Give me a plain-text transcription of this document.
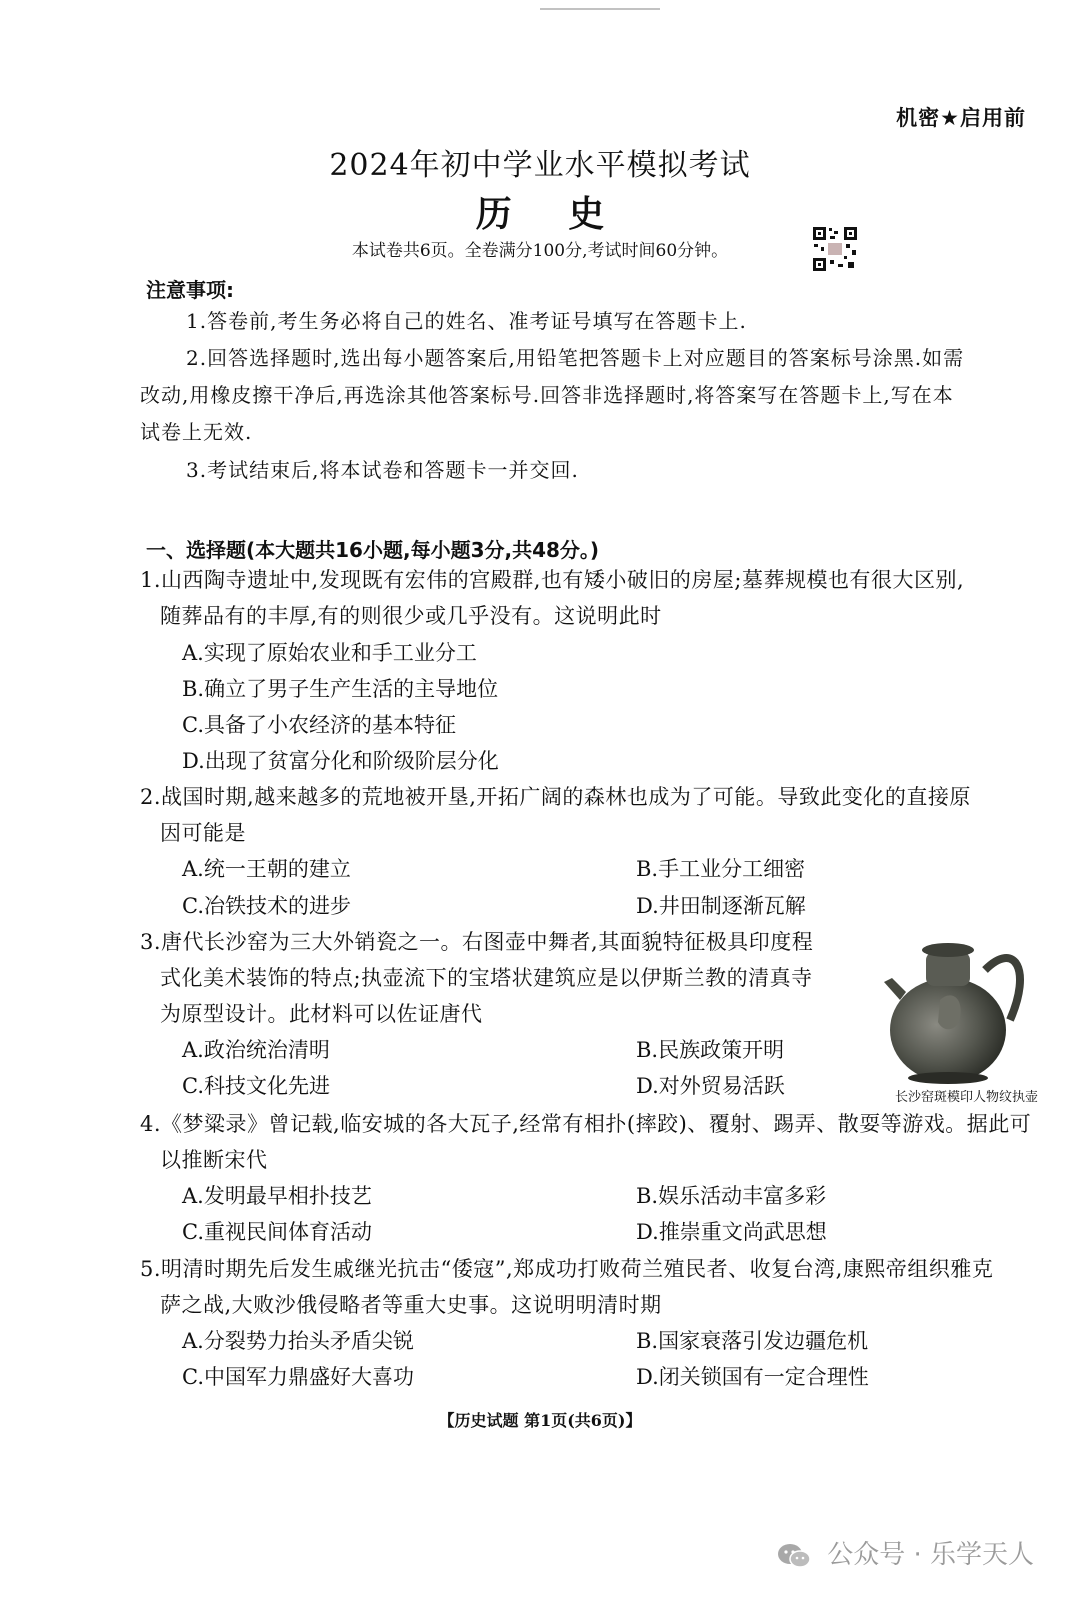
机密★启用前
2024年初中学业水平模拟考试
历 史
本试卷共6页。全卷满分100分,考试时间60分钟。
注意事项:
1.答卷前,考生务必将自己的姓名、准考证号填写在答题卡上.
2.回答选择题时,选出每小题答案后,用铅笔把答题卡上对应题目的答案标号涂黑.如需
改动,用橡皮擦干净后,再选涂其他答案标号.回答非选择题时,将答案写在答题卡上,写在本
试卷上无效.
3.考试结束后,将本试卷和答题卡一并交回.
一、选择题(本大题共16小题,每小题3分,共48分。)
1.山西陶寺遗址中,发现既有宏伟的宫殿群,也有矮小破旧的房屋;墓葬规模也有很大区别,
随葬品有的丰厚,有的则很少或几乎没有。这说明此时
A.实现了原始农业和手工业分工
B.确立了男子生产生活的主导地位
C.具备了小农经济的基本特征
D.出现了贫富分化和阶级阶层分化
2.战国时期,越来越多的荒地被开垦,开拓广阔的森林也成为了可能。导致此变化的直接原
因可能是
A.统一王朝的建立	B.手工业分工细密
C.冶铁技术的进步	D.井田制逐渐瓦解
3.唐代长沙窑为三大外销瓷之一。右图壶中舞者,其面貌特征极具印度程
式化美术装饰的特点;执壶流下的宝塔状建筑应是以伊斯兰教的清真寺
为原型设计。此材料可以佐证唐代
A.政治统治清明	B.民族政策开明
C.科技文化先进	D.对外贸易活跃	长沙窑斑模印人物纹执壶
4.《梦粱录》曾记载,临安城的各大瓦子,经常有相扑(摔跤)、覆射、踢弄、散耍等游戏。据此可
以推断宋代
A.发明最早相扑技艺	B.娱乐活动丰富多彩
C.重视民间体育活动	D.推崇重文尚武思想
5.明清时期先后发生戚继光抗击“倭寇”,郑成功打败荷兰殖民者、收复台湾,康熙帝组织雅克
萨之战,大败沙俄侵略者等重大史事。这说明明清时期
A.分裂势力抬头矛盾尖锐	B.国家衰落引发边疆危机
C.中国军力鼎盛好大喜功	D.闭关锁国有一定合理性
【历史试题 第1页(共6页)】
公众号 · 乐学天人
